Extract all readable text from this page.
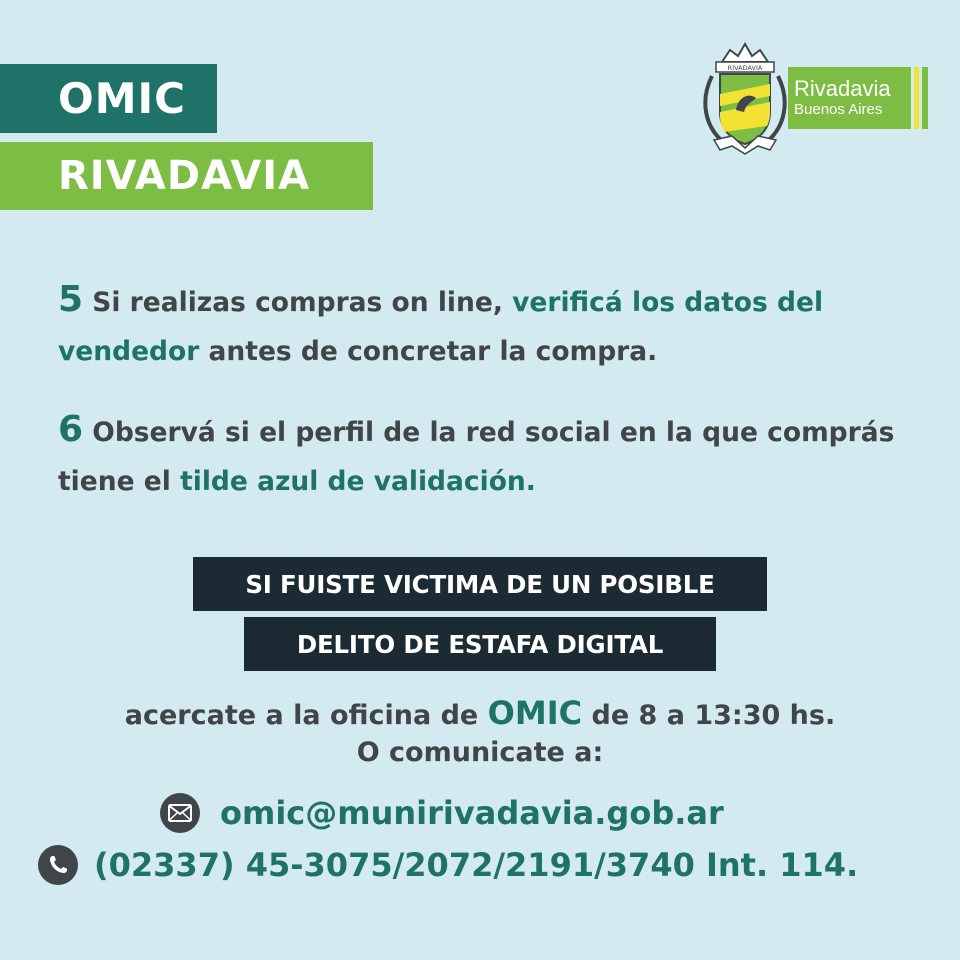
OMIC
RIVADAVIA
RIVADAVIA
Rivadavia
Buenos Aires
5 Si realizas compras on line, verificá los datos del vendedor antes de concretar la compra.
6 Observá si el perfil de la red social en la que comprás tiene el tilde azul de validación.
SI FUISTE VICTIMA DE UN POSIBLE
DELITO DE ESTAFA DIGITAL
acercate a la oficina de OMIC de 8 a 13:30 hs.
O comunicate a:
omic@munirivadavia.gob.ar
(02337) 45-3075/2072/2191/3740 Int. 114.
